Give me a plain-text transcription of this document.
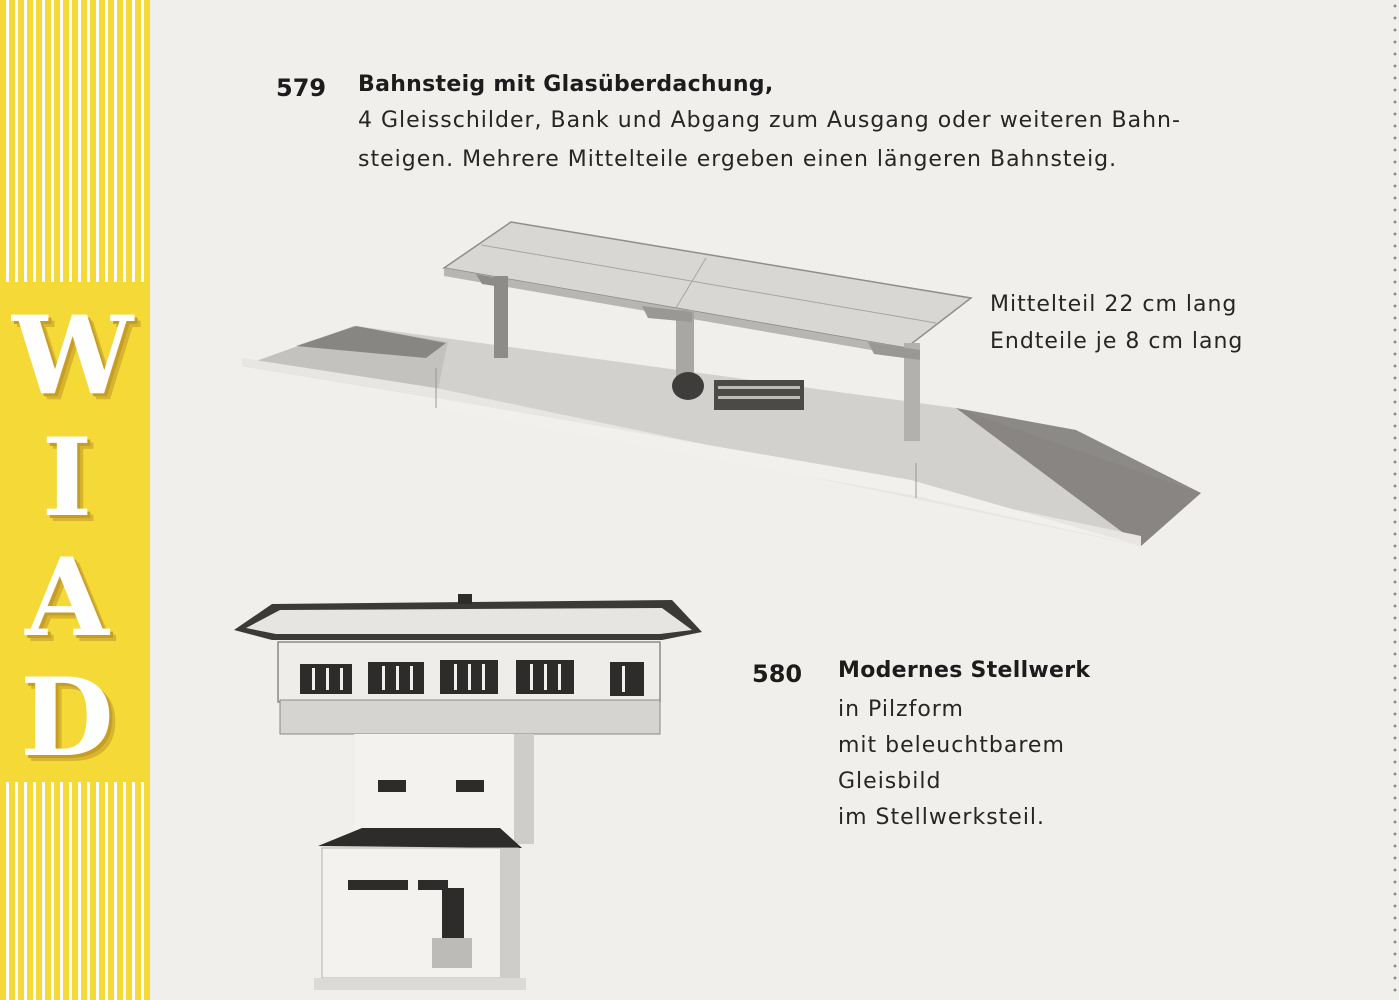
W
I
A
D
579 Bahnsteig mit Glasüberdachung,
4 Gleisschilder, Bank und Abgang zum Ausgang oder weiteren Bahn-
steigen. Mehrere Mittelteile ergeben einen längeren Bahnsteig.
Mittelteil 22 cm lang
Endteile je 8 cm lang
580 Modernes Stellwerk
in Pilzform
mit beleuchtbarem
Gleisbild
im Stellwerksteil.
